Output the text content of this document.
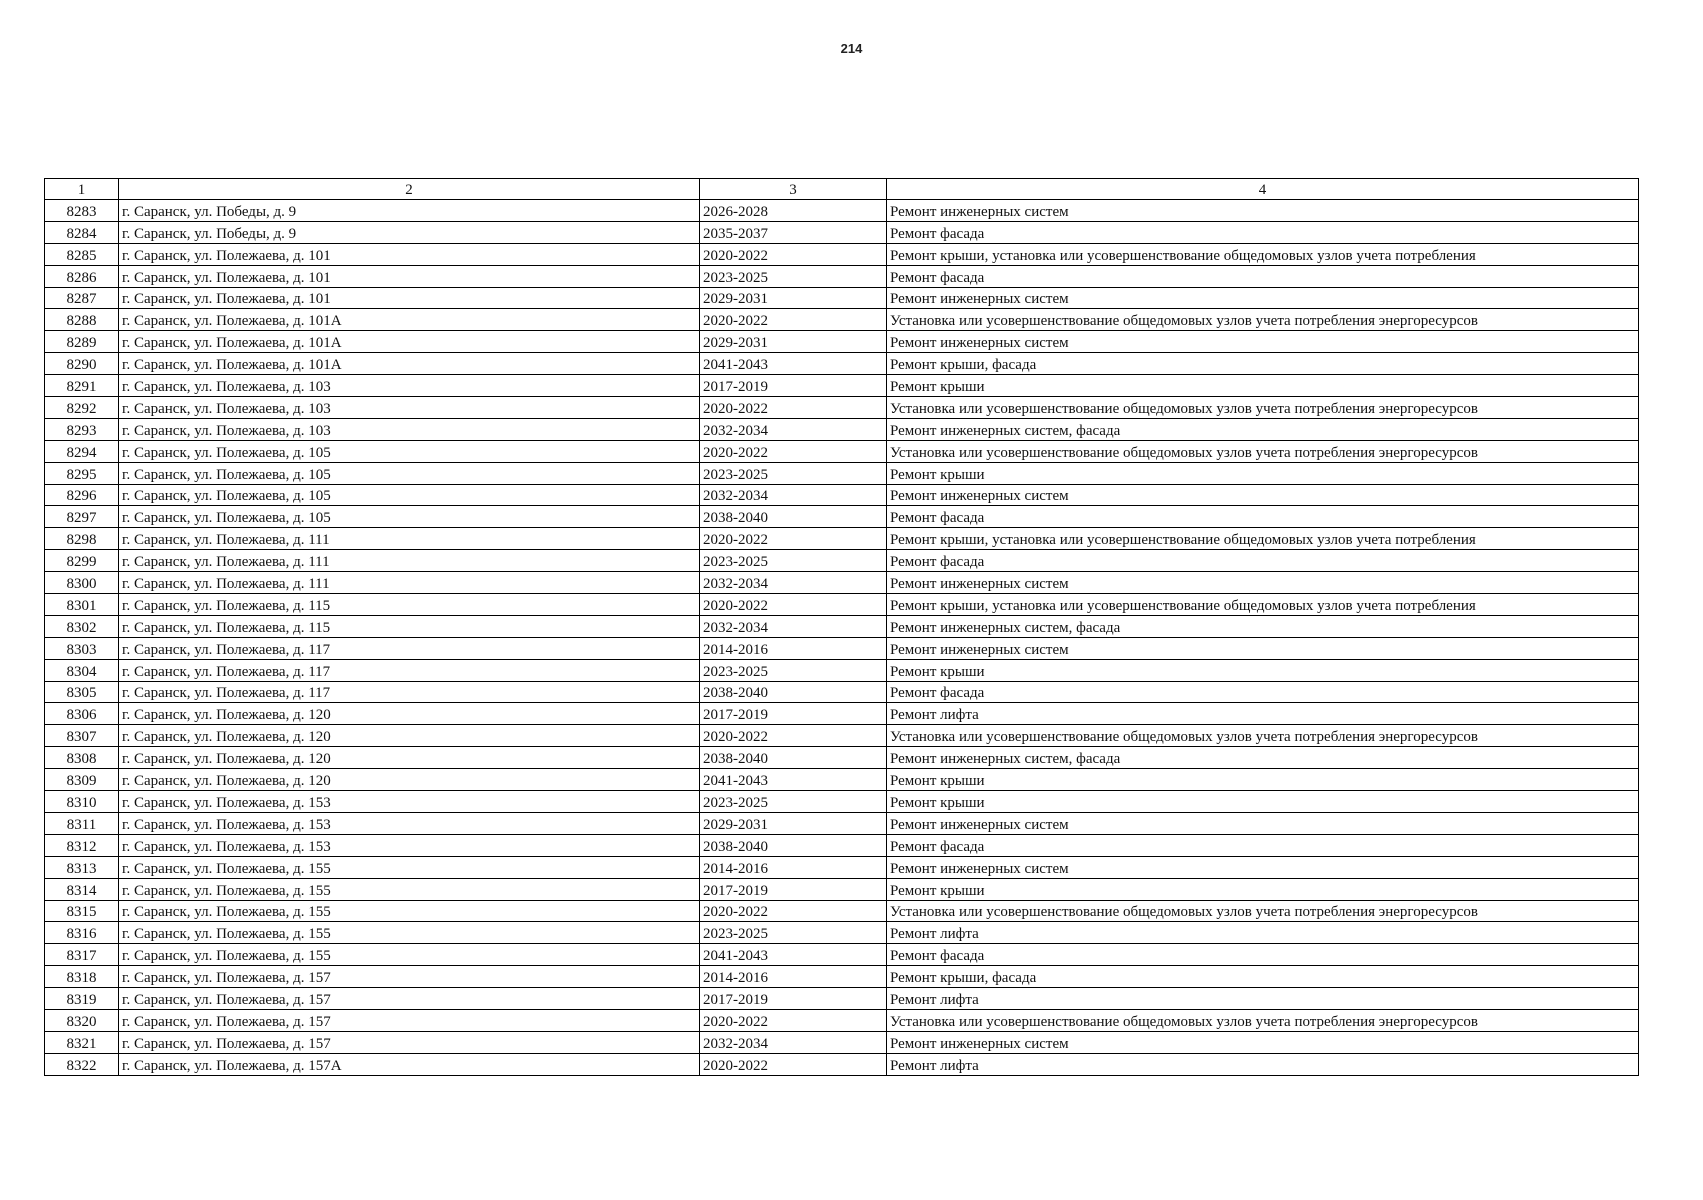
214
1	2	3	4
8283	г. Саранск, ул. Победы, д. 9	2026-2028	Ремонт инженерных систем
8284	г. Саранск, ул. Победы, д. 9	2035-2037	Ремонт фасада
8285	г. Саранск, ул. Полежаева, д. 101	2020-2022	Ремонт крыши, установка или усовершенствование общедомовых узлов учета потребления
8286	г. Саранск, ул. Полежаева, д. 101	2023-2025	Ремонт фасада
8287	г. Саранск, ул. Полежаева, д. 101	2029-2031	Ремонт инженерных систем
8288	г. Саранск, ул. Полежаева, д. 101А	2020-2022	Установка или усовершенствование общедомовых узлов учета потребления энергоресурсов
8289	г. Саранск, ул. Полежаева, д. 101А	2029-2031	Ремонт инженерных систем
8290	г. Саранск, ул. Полежаева, д. 101А	2041-2043	Ремонт крыши, фасада
8291	г. Саранск, ул. Полежаева, д. 103	2017-2019	Ремонт крыши
8292	г. Саранск, ул. Полежаева, д. 103	2020-2022	Установка или усовершенствование общедомовых узлов учета потребления энергоресурсов
8293	г. Саранск, ул. Полежаева, д. 103	2032-2034	Ремонт инженерных систем, фасада
8294	г. Саранск, ул. Полежаева, д. 105	2020-2022	Установка или усовершенствование общедомовых узлов учета потребления энергоресурсов
8295	г. Саранск, ул. Полежаева, д. 105	2023-2025	Ремонт крыши
8296	г. Саранск, ул. Полежаева, д. 105	2032-2034	Ремонт инженерных систем
8297	г. Саранск, ул. Полежаева, д. 105	2038-2040	Ремонт фасада
8298	г. Саранск, ул. Полежаева, д. 111	2020-2022	Ремонт крыши, установка или усовершенствование общедомовых узлов учета потребления
8299	г. Саранск, ул. Полежаева, д. 111	2023-2025	Ремонт фасада
8300	г. Саранск, ул. Полежаева, д. 111	2032-2034	Ремонт инженерных систем
8301	г. Саранск, ул. Полежаева, д. 115	2020-2022	Ремонт крыши, установка или усовершенствование общедомовых узлов учета потребления
8302	г. Саранск, ул. Полежаева, д. 115	2032-2034	Ремонт инженерных систем, фасада
8303	г. Саранск, ул. Полежаева, д. 117	2014-2016	Ремонт инженерных систем
8304	г. Саранск, ул. Полежаева, д. 117	2023-2025	Ремонт крыши
8305	г. Саранск, ул. Полежаева, д. 117	2038-2040	Ремонт фасада
8306	г. Саранск, ул. Полежаева, д. 120	2017-2019	Ремонт лифта
8307	г. Саранск, ул. Полежаева, д. 120	2020-2022	Установка или усовершенствование общедомовых узлов учета потребления энергоресурсов
8308	г. Саранск, ул. Полежаева, д. 120	2038-2040	Ремонт инженерных систем, фасада
8309	г. Саранск, ул. Полежаева, д. 120	2041-2043	Ремонт крыши
8310	г. Саранск, ул. Полежаева, д. 153	2023-2025	Ремонт крыши
8311	г. Саранск, ул. Полежаева, д. 153	2029-2031	Ремонт инженерных систем
8312	г. Саранск, ул. Полежаева, д. 153	2038-2040	Ремонт фасада
8313	г. Саранск, ул. Полежаева, д. 155	2014-2016	Ремонт инженерных систем
8314	г. Саранск, ул. Полежаева, д. 155	2017-2019	Ремонт крыши
8315	г. Саранск, ул. Полежаева, д. 155	2020-2022	Установка или усовершенствование общедомовых узлов учета потребления энергоресурсов
8316	г. Саранск, ул. Полежаева, д. 155	2023-2025	Ремонт лифта
8317	г. Саранск, ул. Полежаева, д. 155	2041-2043	Ремонт фасада
8318	г. Саранск, ул. Полежаева, д. 157	2014-2016	Ремонт крыши, фасада
8319	г. Саранск, ул. Полежаева, д. 157	2017-2019	Ремонт лифта
8320	г. Саранск, ул. Полежаева, д. 157	2020-2022	Установка или усовершенствование общедомовых узлов учета потребления энергоресурсов
8321	г. Саранск, ул. Полежаева, д. 157	2032-2034	Ремонт инженерных систем
8322	г. Саранск, ул. Полежаева, д. 157А	2020-2022	Ремонт лифта
